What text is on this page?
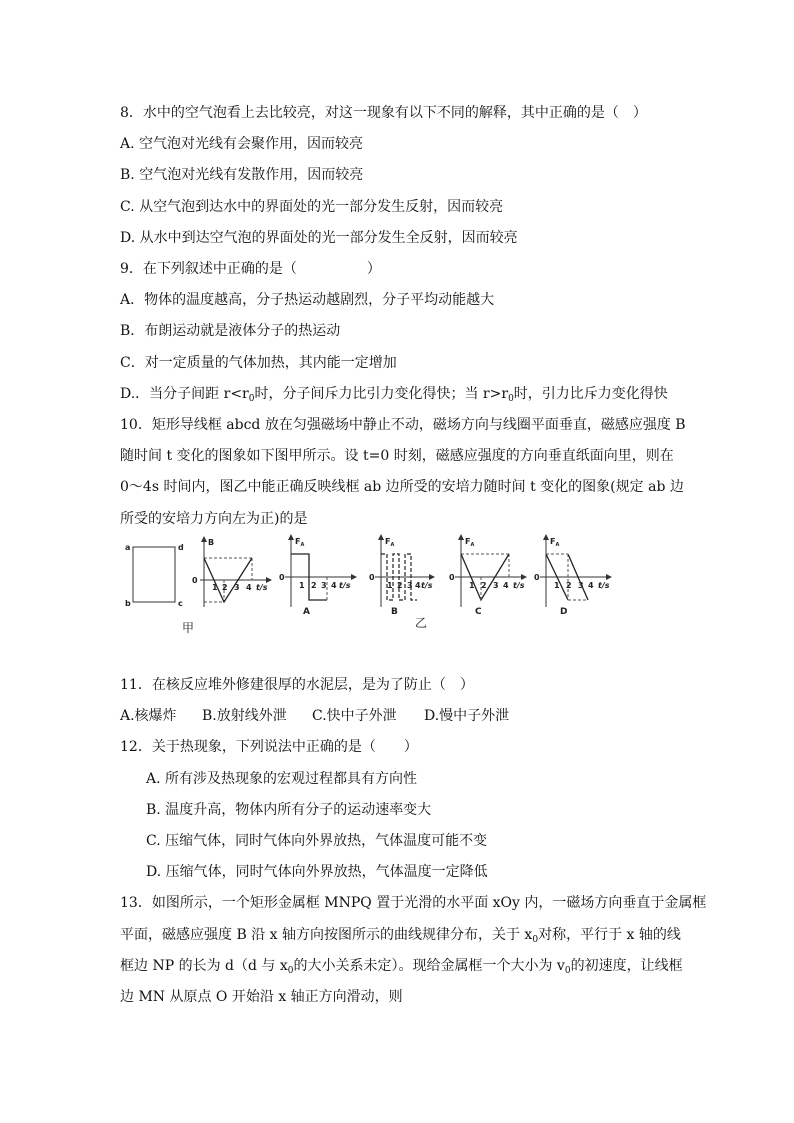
8．水中的空气泡看上去比较亮，对这一现象有以下不同的解释，其中正确的是（　）
A. 空气泡对光线有会聚作用，因而较亮
B. 空气泡对光线有发散作用，因而较亮
C. 从空气泡到达水中的界面处的光一部分发生反射，因而较亮
D. 从水中到达空气泡的界面处的光一部分发生全反射，因而较亮
9．在下列叙述中正确的是（　　　　　）
A．物体的温度越高，分子热运动越剧烈，分子平均动能越大
B．布朗运动就是液体分子的热运动
C．对一定质量的气体加热，其内能一定增加
D.．当分子间距 $r<r_0$时，分子间斥力比引力变化得快；当 $r>r_0$时，引力比斥力变化得快
10．矩形导线框 abcd 放在匀强磁场中静止不动，磁场方向与线圈平面垂直，磁感应强度 B
随时间 t 变化的图象如下图甲所示。设 t=0 时刻，磁感应强度的方向垂直纸面向里，则在
0～4s 时间内，图乙中能正确反映线框 ab 边所受的安培力随时间 t 变化的图象(规定 ab 边
所受的安培力方向左为正)的是
a	d
b	c
B
0
1 2 3 4 t/s
$F_A$
0
1 2 3 4 t/s
A
$F_A$
0
1 2 3 4 t/s
B
$F_A$
0
1 2 3 4 t/s
C
$F_A$
0
1 2 3 4 t/s
D
甲	乙
11．在核反应堆外修建很厚的水泥层，是为了防止（　）
A.核爆炸 B.放射线外泄 C.快中子外泄 D.慢中子外泄
12．关于热现象，下列说法中正确的是（　　）
A. 所有涉及热现象的宏观过程都具有方向性
B. 温度升高，物体内所有分子的运动速率变大
C. 压缩气体，同时气体向外界放热，气体温度可能不变
D. 压缩气体，同时气体向外界放热，气体温度一定降低
13．如图所示，一个矩形金属框 MNPQ 置于光滑的水平面 xOy 内，一磁场方向垂直于金属框
平面，磁感应强度 B 沿 x 轴方向按图所示的曲线规律分布，关于 $x_0$对称，平行于 x 轴的线
框边 NP 的长为 d（d 与 $x_0$的大小关系未定）。现给金属框一个大小为 $v_0$的初速度，让线框
边 MN 从原点 O 开始沿 x 轴正方向滑动，则
